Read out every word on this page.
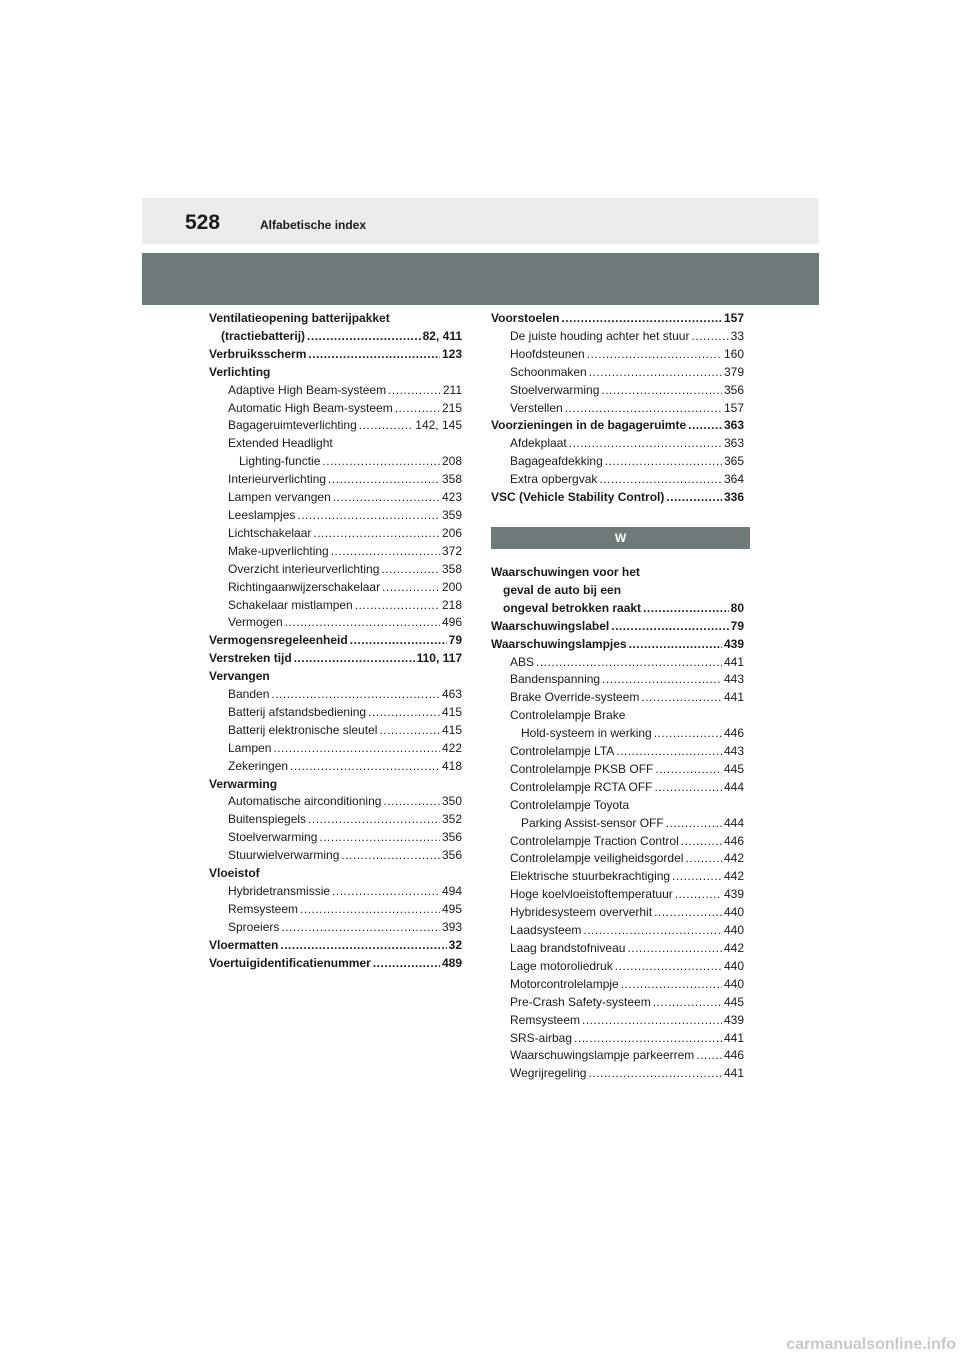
528	Alfabetische index
Ventilatieopening batterijpakket
(tractiebatterij) .....	82, 411
Verbruiksscherm .....	123
Verlichting
Adaptive High Beam-systeem .....	211
Automatic High Beam-systeem .....	215
Bagageruimteverlichting .....	142, 145
Extended Headlight
Lighting-functie .....	208
Interieurverlichting .....	358
Lampen vervangen .....	423
Leeslampjes .....	359
Lichtschakelaar .....	206
Make-upverlichting .....	372
Overzicht interieurverlichting .....	358
Richtingaanwijzerschakelaar .....	200
Schakelaar mistlampen .....	218
Vermogen .....	496
Vermogensregeleenheid .....	79
Verstreken tijd .....	110, 117
Vervangen
Banden .....	463
Batterij afstandsbediening .....	415
Batterij elektronische sleutel .....	415
Lampen .....	422
Zekeringen .....	418
Verwarming
Automatische airconditioning .....	350
Buitenspiegels .....	352
Stoelverwarming .....	356
Stuurwielverwarming .....	356
Vloeistof
Hybridetransmissie .....	494
Remsysteem .....	495
Sproeiers .....	393
Vloermatten .....	32
Voertuigidentificatienummer .....	489
Voorstoelen .....	157
De juiste houding achter het stuur .....	33
Hoofdsteunen .....	160
Schoonmaken .....	379
Stoelverwarming .....	356
Verstellen .....	157
Voorzieningen in de bagageruimte .....	363
Afdekplaat .....	363
Bagageafdekking .....	365
Extra opbergvak .....	364
VSC (Vehicle Stability Control) .....	336
W
Waarschuwingen voor het
geval de auto bij een
ongeval betrokken raakt .....	80
Waarschuwingslabel .....	79
Waarschuwingslampjes .....	439
ABS .....	441
Bandenspanning .....	443
Brake Override-systeem .....	441
Controlelampje Brake
Hold-systeem in werking .....	446
Controlelampje LTA .....	443
Controlelampje PKSB OFF .....	445
Controlelampje RCTA OFF .....	444
Controlelampje Toyota
Parking Assist-sensor OFF .....	444
Controlelampje Traction Control .....	446
Controlelampje veiligheidsgordel .....	442
Elektrische stuurbekrachtiging .....	442
Hoge koelvloeistoftemperatuur .....	439
Hybridesysteem oververhit .....	440
Laadsysteem .....	440
Laag brandstofniveau .....	442
Lage motoroliedruk .....	440
Motorcontrolelampje .....	440
Pre-Crash Safety-systeem .....	445
Remsysteem .....	439
SRS-airbag .....	441
Waarschuwingslampje parkeerrem ..... 446
Wegrijregeling .....	441
carmanualsonline.info
